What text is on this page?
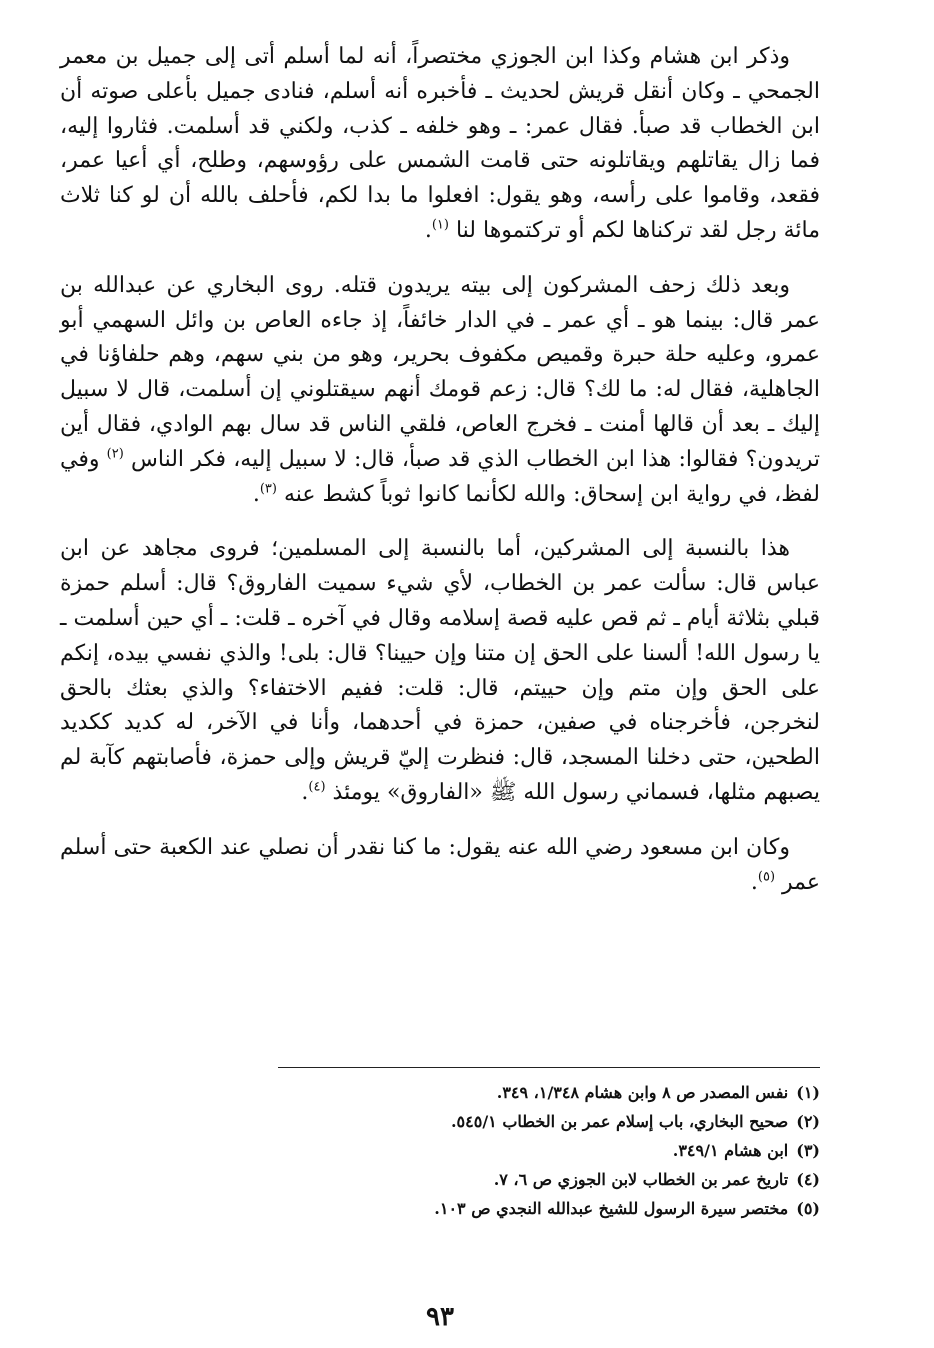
وذكر ابن هشام وكذا ابن الجوزي مختصراً، أنه لما أسلم أتى إلى جميل بن معمر الجمحي ـ وكان أنقل قريش لحديث ـ فأخبره أنه أسلم، فنادى جميل بأعلى صوته أن ابن الخطاب قد صبأ. فقال عمر: ـ وهو خلفه ـ كذب، ولكني قد أسلمت. فثاروا إليه، فما زال يقاتلهم ويقاتلونه حتى قامت الشمس على رؤوسهم، وطلح، أي أعيا عمر، فقعد، وقاموا على رأسه، وهو يقول: افعلوا ما بدا لكم، فأحلف بالله أن لو كنا ثلاث مائة رجل لقد تركناها لكم أو تركتموها لنا $^{(١)}$.

وبعد ذلك زحف المشركون إلى بيته يريدون قتله. روى البخاري عن عبدالله بن عمر قال: بينما هو ـ أي عمر ـ في الدار خائفاً، إذ جاءه العاص بن وائل السهمي أبو عمرو، وعليه حلة حبرة وقميص مكفوف بحرير، وهو من بني سهم، وهم حلفاؤنا في الجاهلية، فقال له: ما لك؟ قال: زعم قومك أنهم سيقتلوني إن أسلمت، قال لا سبيل إليك ـ بعد أن قالها أمنت ـ فخرج العاص، فلقي الناس قد سال بهم الوادي، فقال أين تريدون؟ فقالوا: هذا ابن الخطاب الذي قد صبأ، قال: لا سبيل إليه، فكر الناس $^{(٢)}$ وفي لفظ، في رواية ابن إسحاق: والله لكأنما كانوا ثوباً كشط عنه $^{(٣)}$.

هذا بالنسبة إلى المشركين، أما بالنسبة إلى المسلمين؛ فروى مجاهد عن ابن عباس قال: سألت عمر بن الخطاب، لأي شيء سميت الفاروق؟ قال: أسلم حمزة قبلي بثلاثة أيام ـ ثم قص عليه قصة إسلامه وقال في آخره ـ قلت: ـ أي حين أسلمت ـ يا رسول الله! ألسنا على الحق إن متنا وإن حيينا؟ قال: بلى! والذي نفسي بيده، إنكم على الحق وإن متم وإن حييتم، قال: قلت: ففيم الاختفاء؟ والذي بعثك بالحق لنخرجن، فأخرجناه في صفين، حمزة في أحدهما، وأنا في الآخر، له كديد ككديد الطحين، حتى دخلنا المسجد، قال: فنظرت إليّ قريش وإلى حمزة، فأصابتهم كآبة لم يصبهم مثلها، فسماني رسول الله ﷺ «الفاروق» يومئذ $^{(٤)}$.

وكان ابن مسعود رضي الله عنه يقول: ما كنا نقدر أن نصلي عند الكعبة حتى أسلم عمر $^{(٥)}$.

(١)نفس المصدر ص ٨ وابن هشام ١/٣٤٨، ٣٤٩.
(٢)صحيح البخاري، باب إسلام عمر بن الخطاب ٥٤٥/١.
(٣)ابن هشام ٣٤٩/١.
(٤)تاريخ عمر بن الخطاب لابن الجوزي ص ٦، ٧.
(٥)مختصر سيرة الرسول للشيخ عبدالله النجدي ص ١٠٣.
٩٣
